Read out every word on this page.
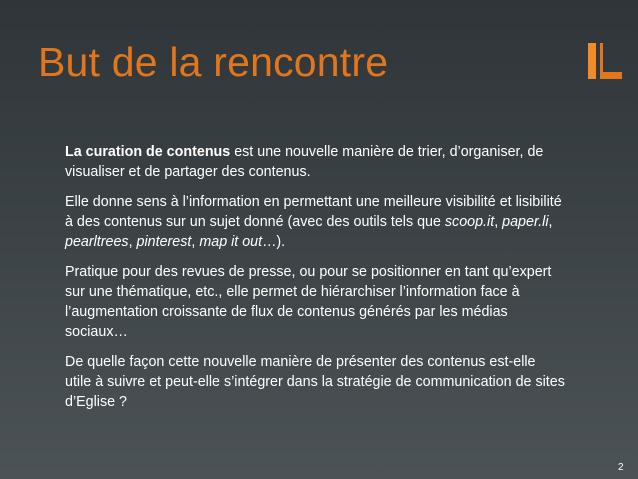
But de la rencontre

La curation de contenus est une nouvelle manière de trier, d’organiser, de visualiser et de partager des contenus.

Elle donne sens à l’information en permettant une meilleure visibilité et lisibilité à des contenus sur un sujet donné (avec des outils tels que scoop.it, paper.li, pearltrees, pinterest, map it out…).

Pratique pour des revues de presse, ou pour se positionner en tant qu’expert sur une thématique, etc., elle permet de hiérarchiser l’information face à l’augmentation croissante de flux de contenus générés par les médias sociaux…

De quelle façon cette nouvelle manière de présenter des contenus est-elle utile à suivre et peut-elle s’intégrer dans la stratégie de communication de sites d’Eglise ?

2
